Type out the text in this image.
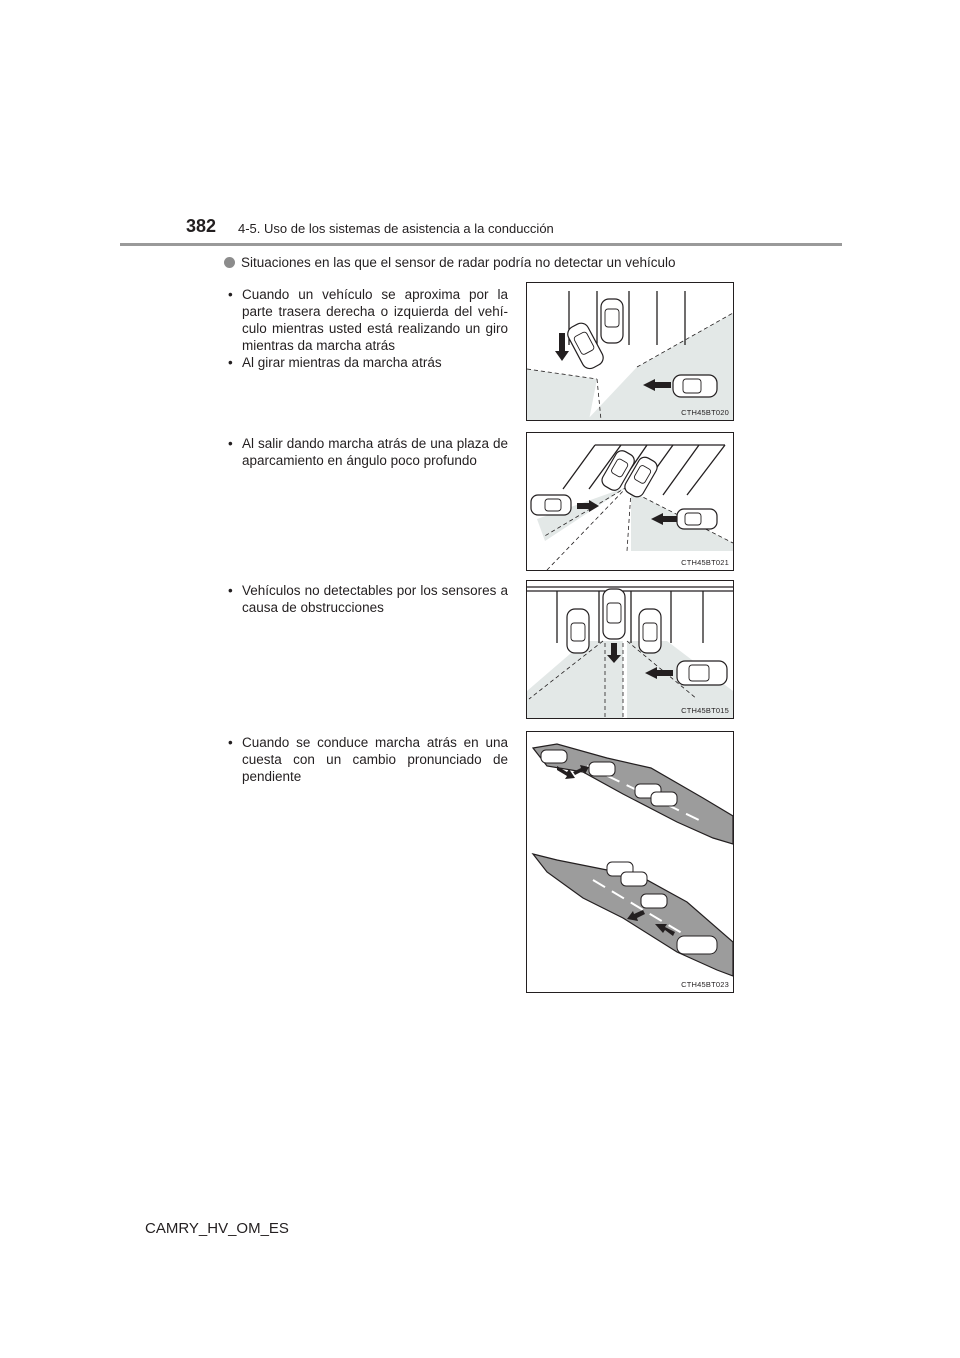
382 4-5. Uso de los sistemas de asistencia a la conducción
Situaciones en las que el sensor de radar podría no detectar un vehículo
• Cuando un vehículo se aproxima por la parte trasera derecha o izquierda del vehí-culo mientras usted está realizando un giro mientras da marcha atrás
• Al girar mientras da marcha atrás
CTH45BT020
• Al salir dando marcha atrás de una plaza de aparcamiento en ángulo poco profundo
CTH45BT021
• Vehículos no detectables por los sensores a causa de obstrucciones
CTH45BT015
• Cuando se conduce marcha atrás en una cuesta con un cambio pronunciado de pendiente
CTH45BT023
CAMRY_HV_OM_ES
